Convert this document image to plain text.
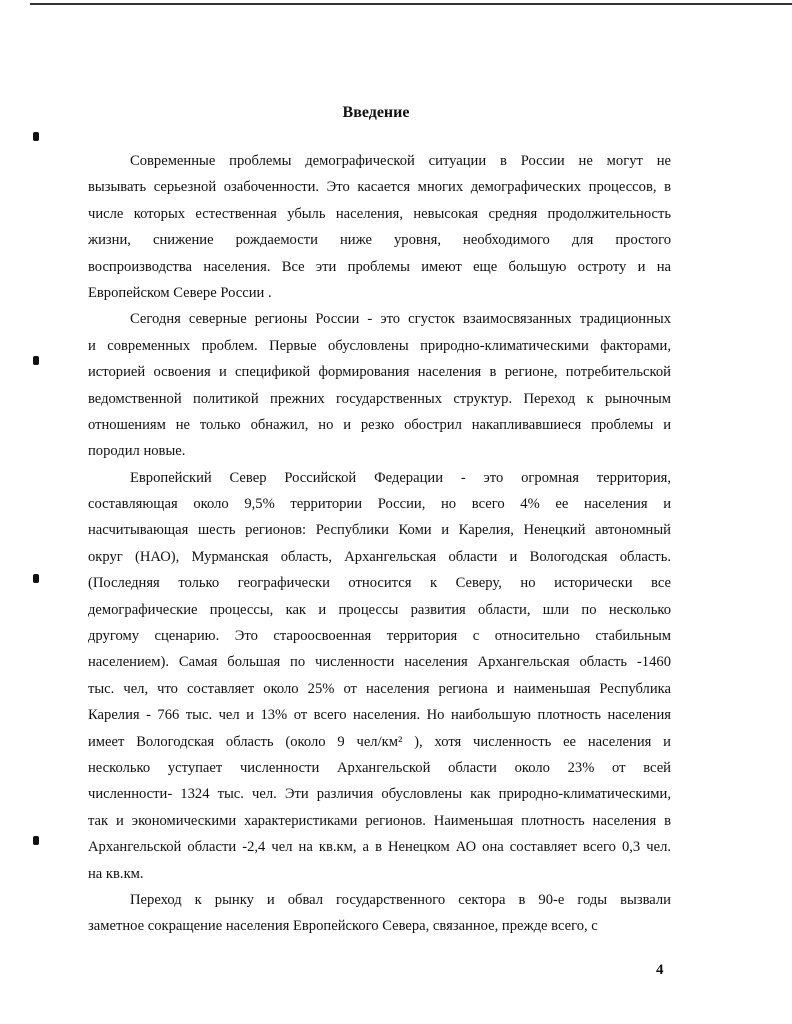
Введение
Современные проблемы демографической ситуации в России не могут не
вызывать серьезной озабоченности. Это касается многих демографических процессов, в
числе которых естественная убыль населения, невысокая средняя продолжительность
жизни, снижение рождаемости ниже уровня, необходимого для простого
воспроизводства населения. Все эти проблемы имеют еще большую остроту и на
Европейском Севере России .
Сегодня северные регионы России - это сгусток взаимосвязанных традиционных
и современных проблем. Первые обусловлены природно-климатическими факторами,
историей освоения и спецификой формирования населения в регионе, потребительской
ведомственной политикой прежних государственных структур. Переход к рыночным
отношениям не только обнажил, но и резко обострил накапливавшиеся проблемы и
породил новые.
Европейский Север Российской Федерации - это огромная территория,
составляющая около 9,5% территории России, но всего 4% ее населения и
насчитывающая шесть регионов: Республики Коми и Карелия, Ненецкий автономный
округ (НАО), Мурманская область, Архангельская области и Вологодская область.
(Последняя только географически относится к Северу, но исторически все
демографические процессы, как и процессы развития области, шли по несколько
другому сценарию. Это староосвоенная территория с относительно стабильным
населением). Самая большая по численности населения Архангельская область -1460
тыс. чел, что составляет около 25% от населения региона и наименьшая Республика
Карелия - 766 тыс. чел и 13% от всего населения. Но наибольшую плотность населения
имеет Вологодская область (около 9 чел/км² ), хотя численность ее населения и
несколько уступает численности Архангельской области около 23% от всей
численности- 1324 тыс. чел. Эти различия обусловлены как природно-климатическими,
так и экономическими характеристиками регионов. Наименьшая плотность населения в
Архангельской области -2,4 чел на кв.км, а в Ненецком АО она составляет всего 0,3 чел.
на кв.км.
Переход к рынку и обвал государственного сектора в 90-е годы вызвали
заметное сокращение населения Европейского Севера, связанное, прежде всего, с
4
